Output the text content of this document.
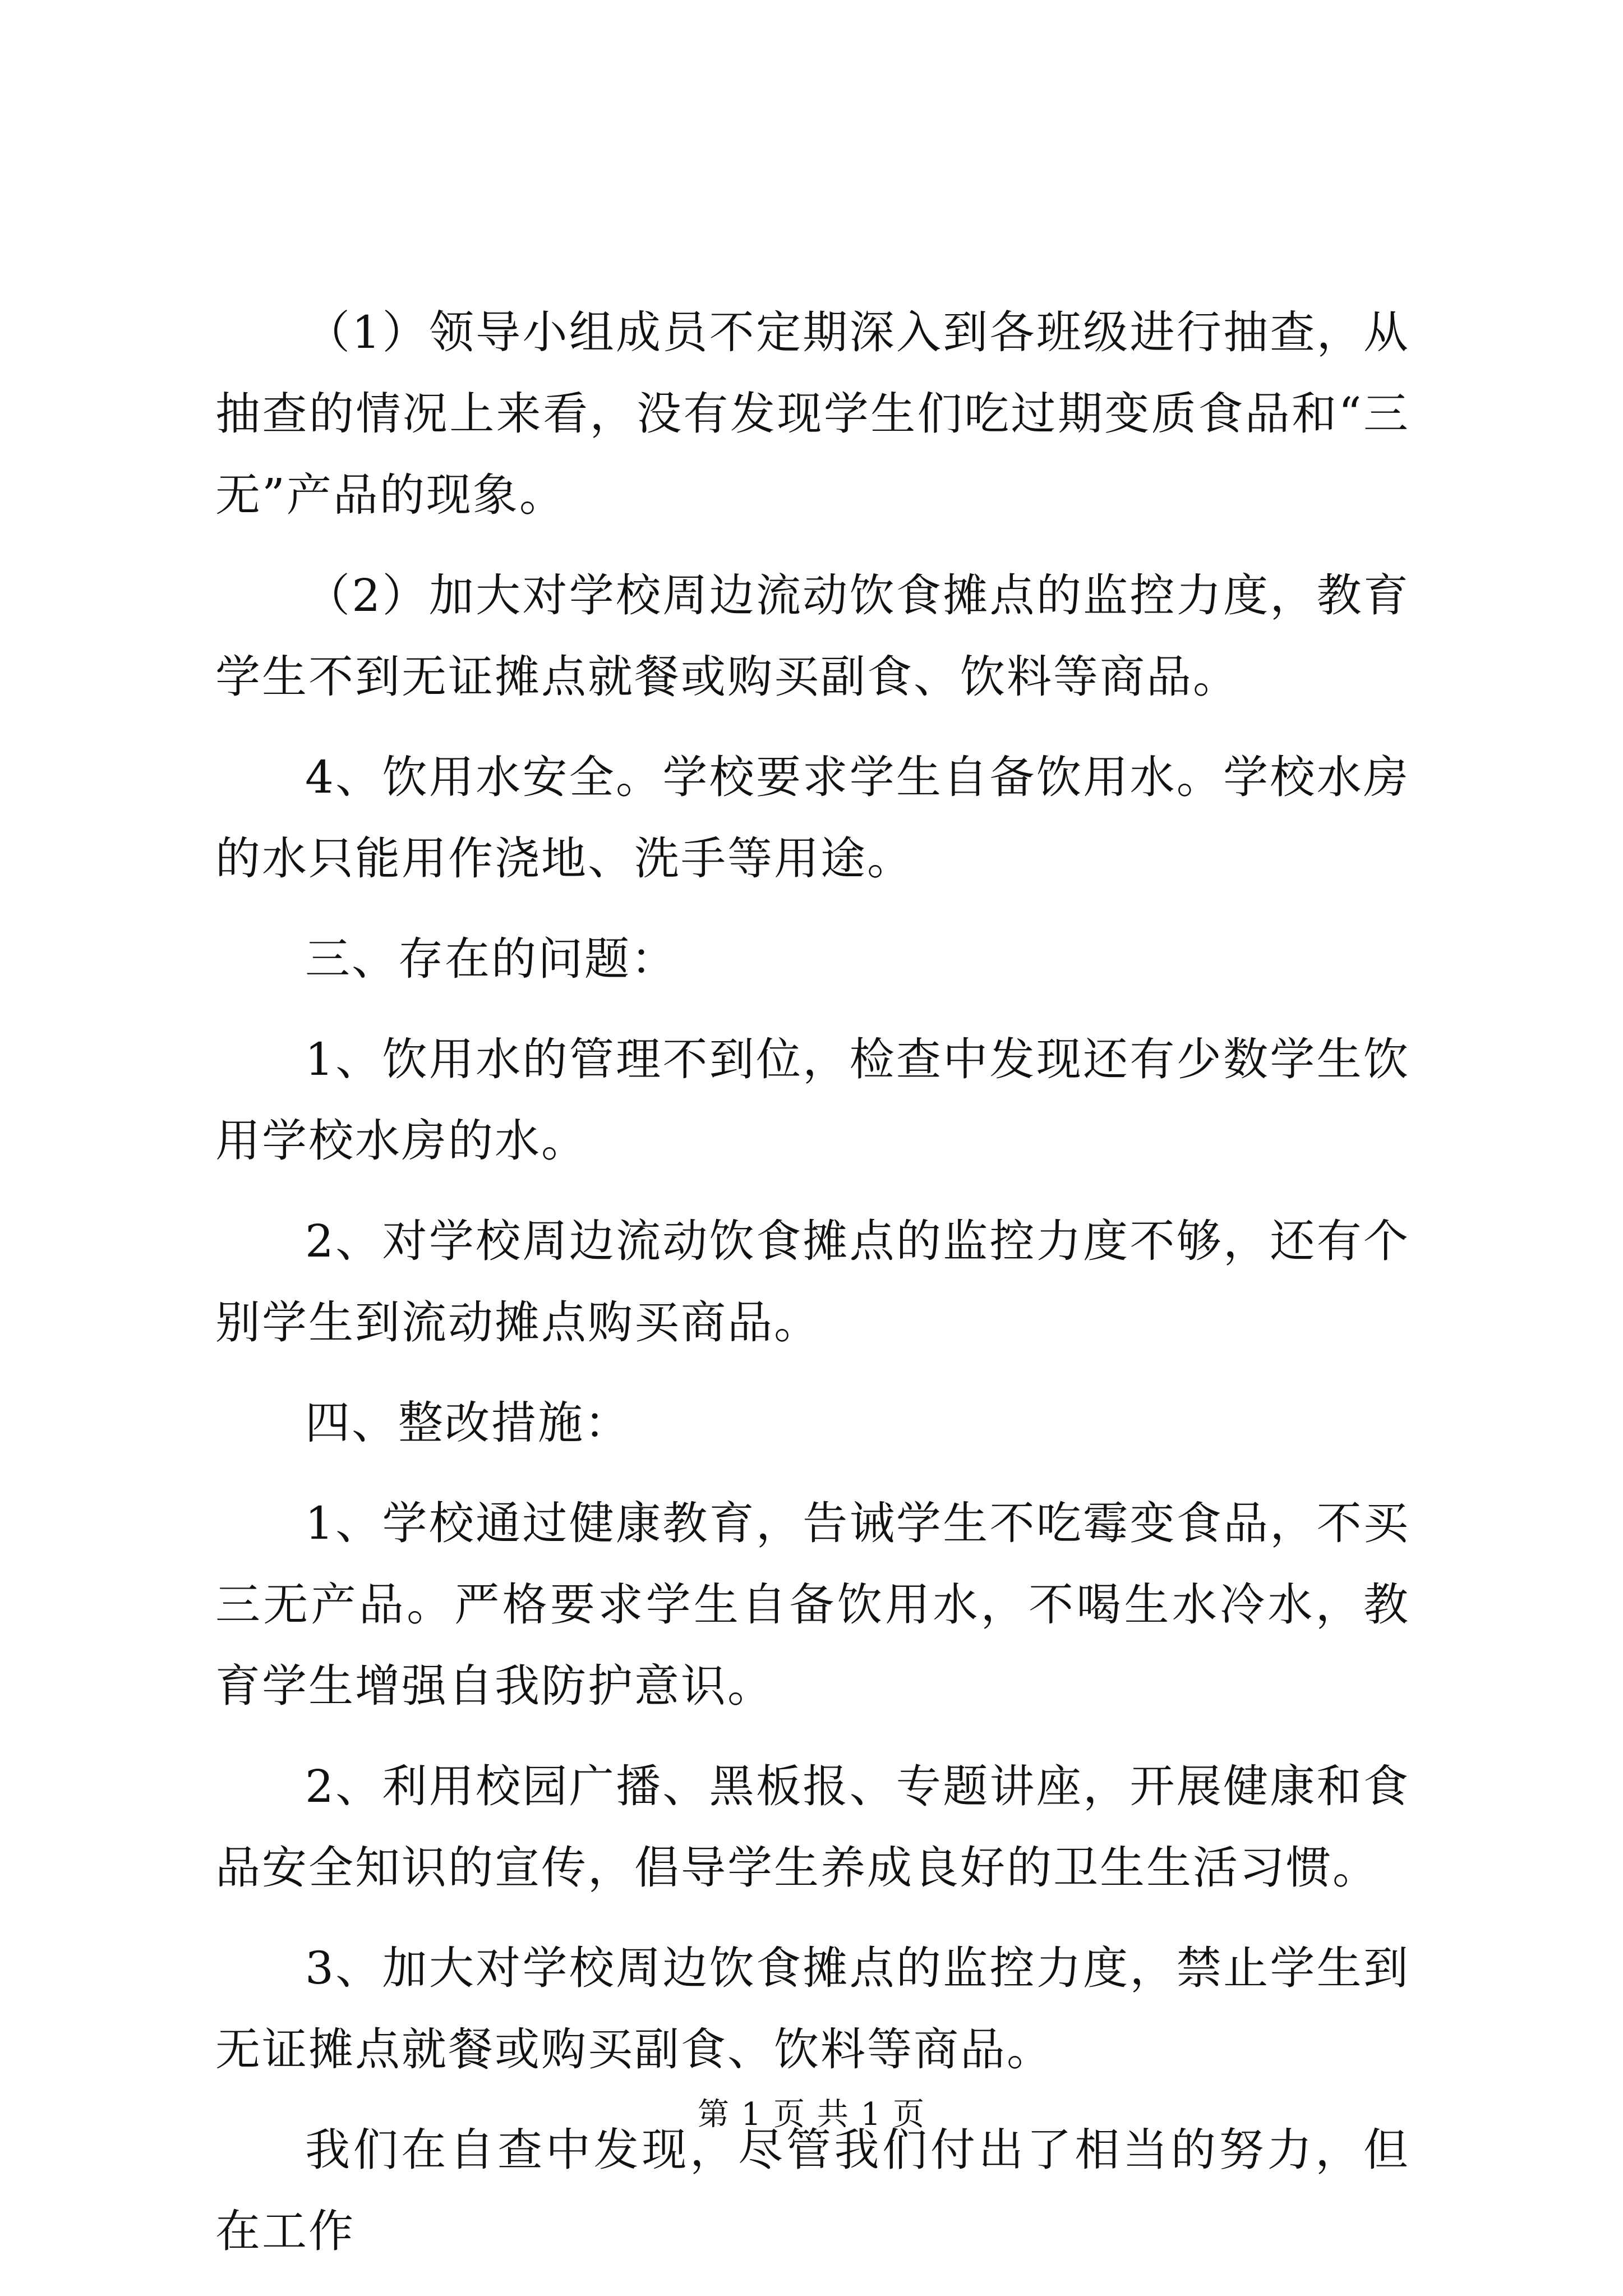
（1）领导小组成员不定期深入到各班级进行抽查，从抽查的情况上来看，没有发现学生们吃过期变质食品和“三无”产品的现象。

（2）加大对学校周边流动饮食摊点的监控力度，教育学生不到无证摊点就餐或购买副食、饮料等商品。

4、饮用水安全。学校要求学生自备饮用水。学校水房的水只能用作浇地、洗手等用途。

三、存在的问题：

1、饮用水的管理不到位，检查中发现还有少数学生饮用学校水房的水。

2、对学校周边流动饮食摊点的监控力度不够，还有个别学生到流动摊点购买商品。

四、整改措施：

1、学校通过健康教育，告诫学生不吃霉变食品，不买三无产品。严格要求学生自备饮用水，不喝生水冷水，教育学生增强自我防护意识。

2、利用校园广播、黑板报、专题讲座，开展健康和食品安全知识的宣传，倡导学生养成良好的卫生生活习惯。

3、加大对学校周边饮食摊点的监控力度，禁止学生到无证摊点就餐或购买副食、饮料等商品。

我们在自查中发现，尽管我们付出了相当的努力，但在工作

第 1 页 共 1 页
